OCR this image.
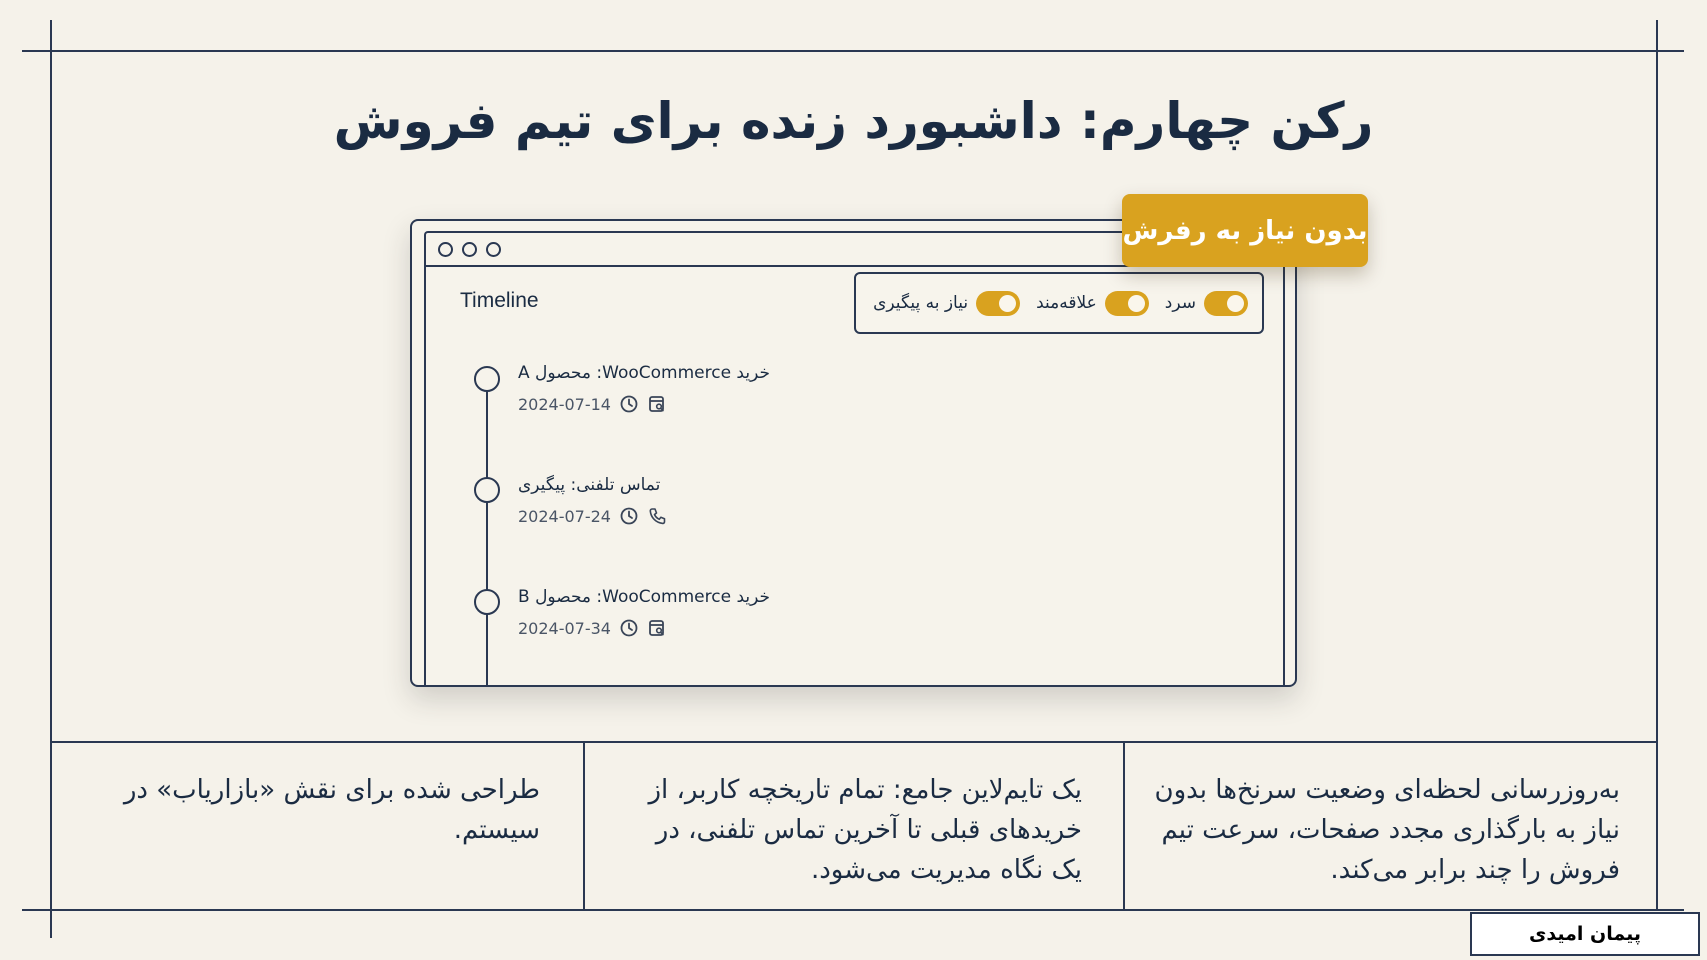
رکن چهارم: داشبورد زنده برای تیم فروش
Timeline	سرد
علاقه‌مند
نیاز به پیگیری
بدون نیاز به رفرش
خرید WooCommerce: محصول A
2024-07-14
تماس تلفنی: پیگیری
2024-07-24
خرید WooCommerce: محصول B
2024-07-34
به‌روزرسانی لحظه‌ای وضعیت سرنخ‌ها بدون
نیاز به بارگذاری مجدد صفحات، سرعت تیم
فروش را چند برابر می‌کند.
یک تایم‌لاین جامع: تمام تاریخچه کاربر، از
خریدهای قبلی تا آخرین تماس تلفنی، در
یک نگاه مدیریت می‌شود.
طراحی شده برای نقش «بازاریاب» در
سیستم.
پیمان امیدی
